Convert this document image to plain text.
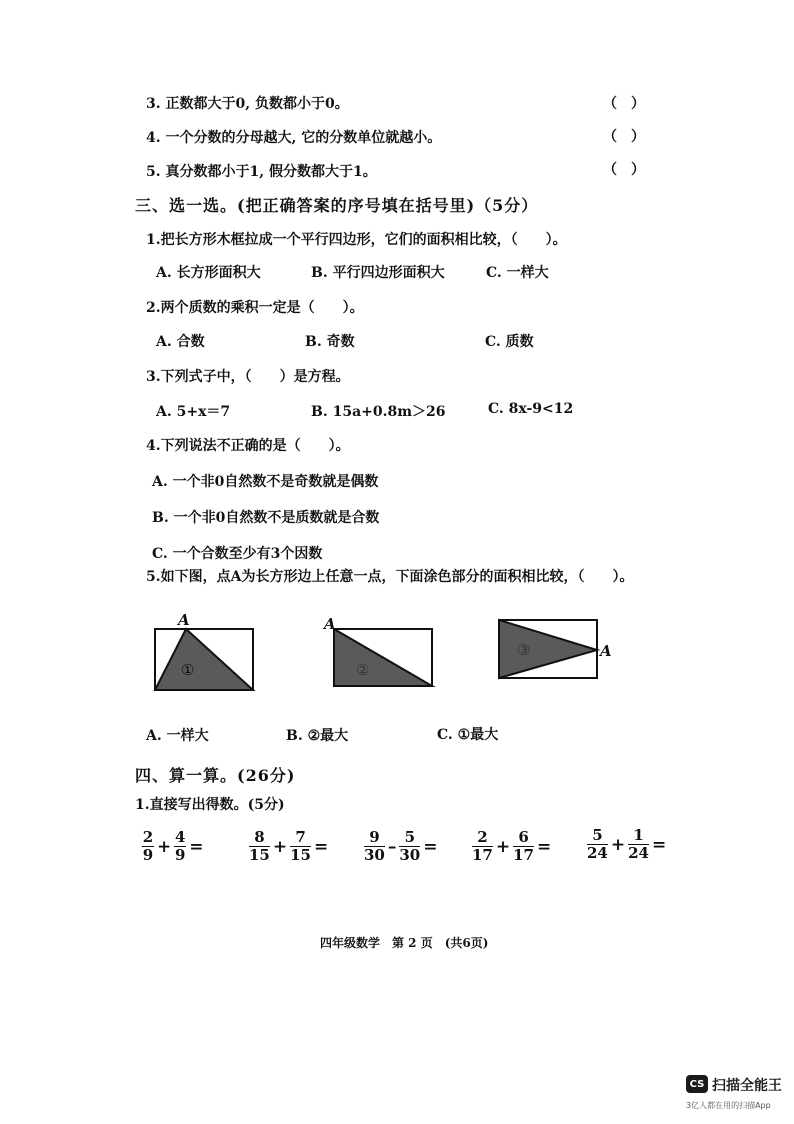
3. 正数都大于0, 负数都小于0。	（　）
4. 一个分数的分母越大, 它的分数单位就越小。	（　）
5. 真分数都小于1, 假分数都大于1。	（　）
三、选一选。(把正确答案的序号填在括号里)（5分）
1.把长方形木框拉成一个平行四边形，它们的面积相比较，（　　）。
A. 长方形面积大	B. 平行四边形面积大	C. 一样大
2.两个质数的乘积一定是（　　）。
A. 合数	B. 奇数	C. 质数
3.下列式子中，（　　）是方程。
A. 5+x＝7	B. 15a+0.8m＞26	C. 8x-9<12
4.下列说法不正确的是（　　）。
A. 一个非0自然数不是奇数就是偶数
B. 一个非0自然数不是质数就是合数
C. 一个合数至少有3个因数
5.如下图，点A为长方形边上任意一点，下面涂色部分的面积相比较，（　　）。
A
①
A
②
A
③
A. 一样大	B. ②最大	C. ①最大
四、算一算。(26分)
1.直接写出得数。(5分)
2
9 + 4
9 =	8
15 + 7
15 =	9
30 – 5
30 =	2
17 + 6
17 =
5
24 + 1
24 =
四年级数学　第 2 页　(共6页)
CS 扫描全能王
3亿人都在用的扫描App
